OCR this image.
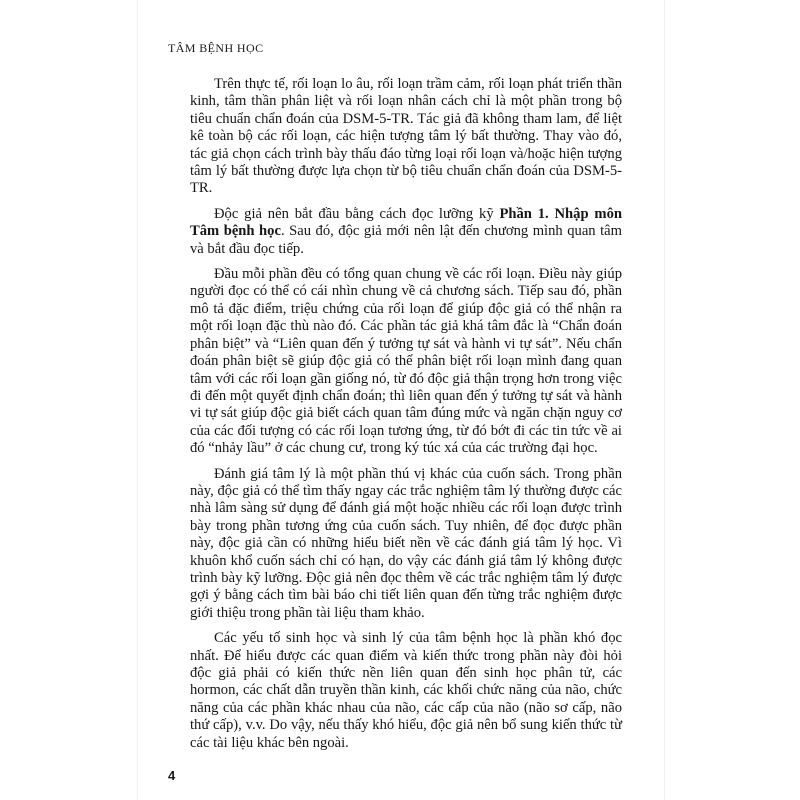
TÂM BỆNH HỌC

Trên thực tế, rối loạn lo âu, rối loạn trầm cảm, rối loạn phát triển thần kinh, tâm thần phân liệt và rối loạn nhân cách chỉ là một phần trong bộ tiêu chuẩn chẩn đoán của DSM-5-TR. Tác giả đã không tham lam, để liệt kê toàn bộ các rối loạn, các hiện tượng tâm lý bất thường. Thay vào đó, tác giả chọn cách trình bày thấu đáo từng loại rối loạn và/hoặc hiện tượng tâm lý bất thường được lựa chọn từ bộ tiêu chuẩn chẩn đoán của DSM-5-TR.

Độc giả nên bắt đầu bằng cách đọc lưỡng kỹ Phần 1. Nhập môn Tâm bệnh học. Sau đó, độc giả mới nên lật đến chương mình quan tâm và bắt đầu đọc tiếp.

Đầu mỗi phần đều có tổng quan chung về các rối loạn. Điều này giúp người đọc có thể có cái nhìn chung về cả chương sách. Tiếp sau đó, phần mô tả đặc điểm, triệu chứng của rối loạn để giúp độc giả có thể nhận ra một rối loạn đặc thù nào đó. Các phần tác giả khá tâm đắc là “Chẩn đoán phân biệt” và “Liên quan đến ý tưởng tự sát và hành vi tự sát”. Nếu chẩn đoán phân biệt sẽ giúp độc giả có thể phân biệt rối loạn mình đang quan tâm với các rối loạn gần giống nó, từ đó độc giả thận trọng hơn trong việc đi đến một quyết định chẩn đoán; thì liên quan đến ý tưởng tự sát và hành vi tự sát giúp độc giả biết cách quan tâm đúng mức và ngăn chặn nguy cơ của các đối tượng có các rối loạn tương ứng, từ đó bớt đi các tin tức về ai đó “nhảy lầu” ở các chung cư, trong ký túc xá của các trường đại học.

Đánh giá tâm lý là một phần thú vị khác của cuốn sách. Trong phần này, độc giả có thể tìm thấy ngay các trắc nghiệm tâm lý thường được các nhà lâm sàng sử dụng để đánh giá một hoặc nhiều các rối loạn được trình bày trong phần tương ứng của cuốn sách. Tuy nhiên, để đọc được phần này, độc giả cần có những hiểu biết nền về các đánh giá tâm lý học. Vì khuôn khổ cuốn sách chỉ có hạn, do vậy các đánh giá tâm lý không được trình bày kỹ lưỡng. Độc giả nên đọc thêm về các trắc nghiệm tâm lý được gợi ý bằng cách tìm bài báo chi tiết liên quan đến từng trắc nghiệm được giới thiệu trong phần tài liệu tham khảo.

Các yếu tố sinh học và sinh lý của tâm bệnh học là phần khó đọc nhất. Để hiểu được các quan điểm và kiến thức trong phần này đòi hỏi độc giả phải có kiến thức nền liên quan đến sinh học phân tử, các hormon, các chất dẫn truyền thần kinh, các khối chức năng của não, chức năng của các phần khác nhau của não, các cấp của não (não sơ cấp, não thứ cấp), v.v. Do vậy, nếu thấy khó hiểu, độc giả nên bổ sung kiến thức từ các tài liệu khác bên ngoài.

4
